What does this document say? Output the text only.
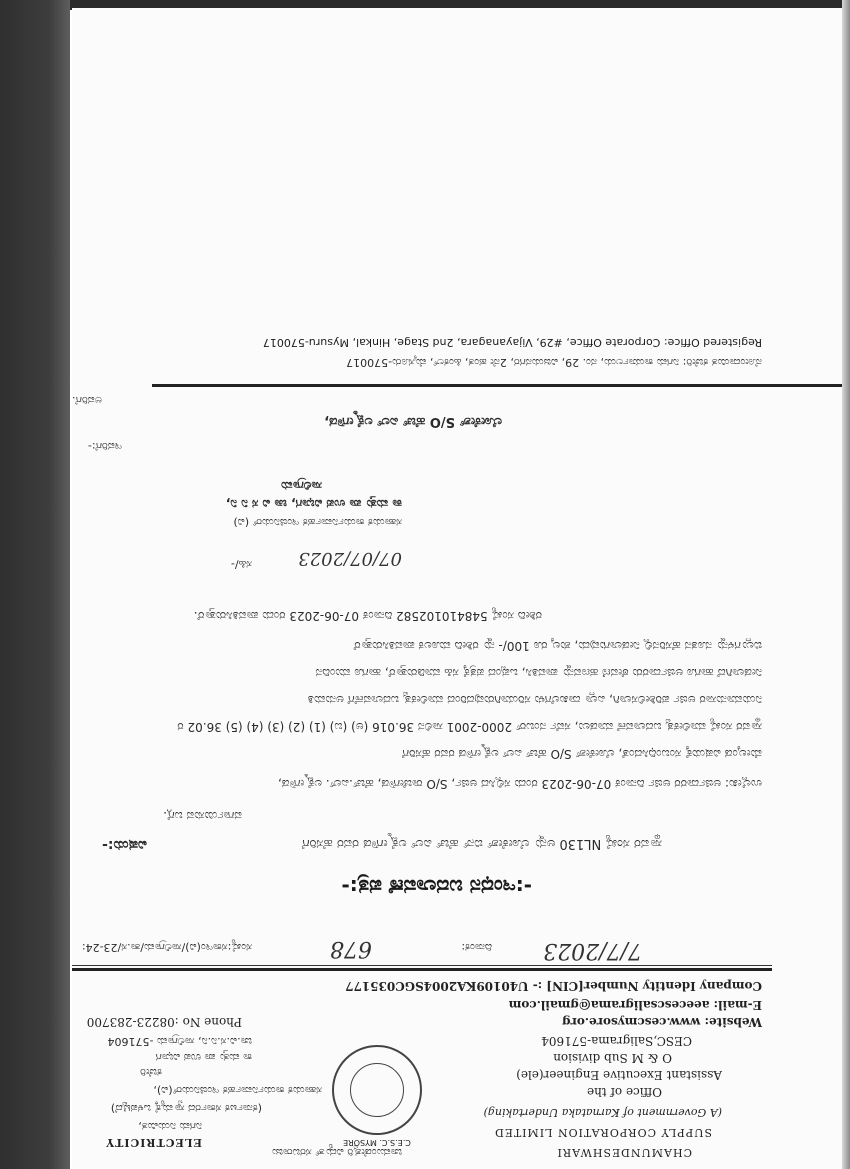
CHAMUNDESHWARI
ELECTRICITY
SUPPLY CORPORATION LIMITED
(A Government of Karnataka Undertaking)
Office of the
Assistant Executive Engineer(ele)
O & M Sub division
CESC,Saligrama-571604
Website: www.cescmysore.org
E-mail: aeecescsaligrama@gmail.com
Phone No :08223-283700
Company Identity Number[CIN] :- U40109KA2004SGC035177
ಚಾಮುಂಡೇಶ್ವರಿ ವಿದ್ಯುತ್ ಸರಬರಾಜು
ನಿಗಮ ನಿಯಮಿತ,
(ಕರ್ನಾಟಕ ಸರ್ಕಾರದ ಸ್ವಾಮ್ಯಕ್ಕೆ ಒಳಪಟ್ಟಿದೆ)
ಸಹಾಯಕ ಕಾರ್ಯನಿರ್ವಾಹಕ ಇಂಜಿನಿಯರ್(ವಿ),
ಕಚೇರಿ
ಕಾ ಮತ್ತು ಪಾ ಉಪ ವಿಭಾಗ
ಚಾ.ವಿ.ಸ.ನಿ.ನಿ, ಸಾಲಿಗ್ರಾಮ -571604
C.E.S.C. MYSORE
ಸಂಖ್ಯೆ:ಸಕಾಇಂ(ವಿ)/ಸಾಲಿಗ್ರಾಮ/ತಾ.ಸ/23-24:	678	ದಿನಾಂಕ: 7/7/2023
-:ಇಂಧನ ಬದಲಾವಣೆ ಪತ್ರ:-
ವಿಷಯ:-	ಸ್ಥಾವರ ಸಂಖ್ಯೆ NL130 ಅನ್ನು ಲೋಕೇಶ್ ಬಿನ್ ಹೆಚ್ ಎಲ್ ಲಕ್ಷ್ಮೇಗೌಡ ರವರ ಹೆಸರಿಗೆ
ವರ್ಗಾಯಿಸುವ ಬಗ್ಗೆ.
ಉಲ್ಲೇಖ: ಅರ್ಜಿದಾರರ ಅರ್ಜಿ ದಿನಾಂಕ 07-06-2023 ರಂದು ಸಲ್ಲಿಸಿದ ಅರ್ಜಿ, S/O ರಾಜೇಗೌಡ, ಹೆಚ್.ಎಲ್. ಲಕ್ಷ್ಮೇಗೌಡ,
ಮೇಲ್ಕಂಡ ವಿಷಯಕ್ಕೆ ಸಂಬಂಧಿಸಿದಂತೆ, ಲೋಕೇಶ್ S/O ಹೆಚ್ ಎಲ್ ಲಕ್ಷ್ಮೇಗೌಡ ರವರ ಹೆಸರಿಗೆ
ಸ್ಥಾವರ ಸಂಖ್ಯೆ ಮಾಲೀಕತ್ವ ಬದಲಾವಣೆ ಮಾಡಲು, ಸರ್ವೆ ನಂಬರ್ 2000-2001 ಸಾಲಿನ 36.016 (ಅ) (ಬ) (1) (2) (3) (4) (5) 36.02 ರ
ನಿಯಮಾನುಸಾರ ಅರ್ಜಿ ಪರಿಶೀಲಿಸಲಾಗಿ, ಎಲ್ಲಾ ದಾಖಲೆಗಳು ಸರಿಯಾಗಿರುವುದರಿಂದ ಮಾಲೀಕತ್ವ ಬದಲಾವಣೆಗೆ ಅನುಮತಿ
ನೀಡಲಾಗಿದೆ ಹಾಗೂ ಅರ್ಜಿದಾರರು ಠೇವಣಿ ಹಣವನ್ನು ಪಾವತಿಸಿ, ಒಪ್ಪಂದ ಪತ್ರಕ್ಕೆ ಸಹಿ ಮಾಡಿರುತ್ತಾರೆ, ಹಾಗೂ ಮುಂದಿನ
ಬಿಲ್ಲುಗಳನ್ನು ನೂತನ ಹೆಸರಿನಲ್ಲಿ ನೀಡಲಾಗುವುದು, ಶುಲ್ಕ ರೂ 100/- ನ್ನು ರಶೀದಿ ಮೂಲಕ ಪಾವತಿಸಿರುತ್ತಾರೆ
ರಶೀದಿ ಸಂಖ್ಯೆ 548410102582 ದಿನಾಂಕ 07-06-2023 ರಂದು ಪಾವತಿಸಿರುತ್ತಾರೆ.
07/07/2023
ಸಹಿ/-
ಸಹಾಯಕ ಕಾರ್ಯನಿರ್ವಾಹಕ ಇಂಜಿನಿಯರ್ (ವಿ)
ಕಾ ಮತ್ತು ಪಾ ಉಪ ವಿಭಾಗ, ಚಾ ವಿ ಸ ನಿ ನಿ,
ಸಾಲಿಗ್ರಾಮ
ಇವರಿಗೆ:-
ಲೋಕೇಶ್ S/O ಹೆಚ್ ಎಲ್ ಲಕ್ಷ್ಮೇಗೌಡ,
ಅವರಿಗೆ.
ನೋಂದಾಯಿತ ಕಚೇರಿ: ನಿಗಮ ಕಾರ್ಯಾಲಯ, ನಂ. 29, ವಿಜಯನಗರ, 2ನೇ ಹಂತ, ಹಿಂಕಲ್, ಮೈಸೂರು-570017
Registered Office: Corporate Office, #29, Vijayanagara, 2nd Stage, Hinkal, Mysuru-570017
